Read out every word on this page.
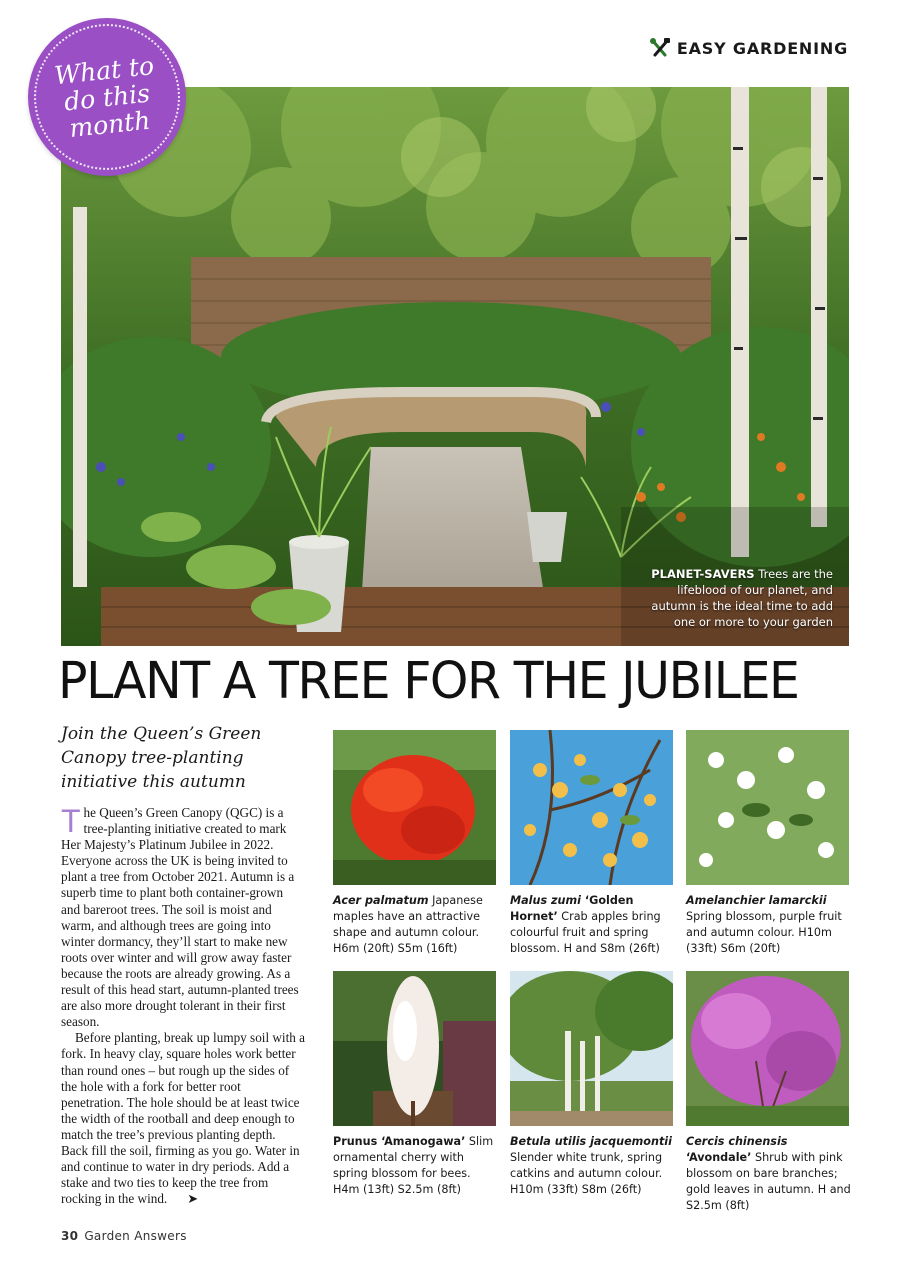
EASY GARDENING
What to do this month
PLANET-SAVERS Trees are the lifeblood of our planet, and autumn is the ideal time to add one or more to your garden
PLANT A TREE FOR THE JUBILEE
Join the Queen’s Green Canopy tree-planting initiative this autumn

The Queen’s Green Canopy (QGC) is a tree-planting initiative created to mark Her Majesty’s Platinum Jubilee in 2022. Everyone across the UK is being invited to plant a tree from October 2021. Autumn is a superb time to plant both container-grown and bareroot trees. The soil is moist and warm, and although trees are going into winter dormancy, they’ll start to make new roots over winter and will grow away faster because the roots are already growing. As a result of this head start, autumn-planted trees are also more drought tolerant in their first season.

Before planting, break up lumpy soil with a fork. In heavy clay, square holes work better than round ones – but rough up the sides of the hole with a fork for better root penetration. The hole should be at least twice the width of the rootball and deep enough to match the tree’s previous planting depth. Back fill the soil, firming as you go. Water in and continue to water in dry periods. Add a stake and two ties to keep the tree from rocking in the wind. ➤

Acer palmatum Japanese maples have an attractive shape and autumn colour. H6m (20ft) S5m (16ft)
Malus zumi ‘Golden Hornet’ Crab apples bring colourful fruit and spring blossom. H and S8m (26ft)
Amelanchier lamarckii Spring blossom, purple fruit and autumn colour. H10m (33ft) S6m (20ft)
Prunus ‘Amanogawa’ Slim ornamental cherry with spring blossom for bees. H4m (13ft) S2.5m (8ft)
Betula utilis jacquemontii Slender white trunk, spring catkins and autumn colour. H10m (33ft) S8m (26ft)
Cercis chinensis ‘Avondale’ Shrub with pink blossom on bare branches; gold leaves in autumn. H and S2.5m (8ft)
30 Garden Answers
